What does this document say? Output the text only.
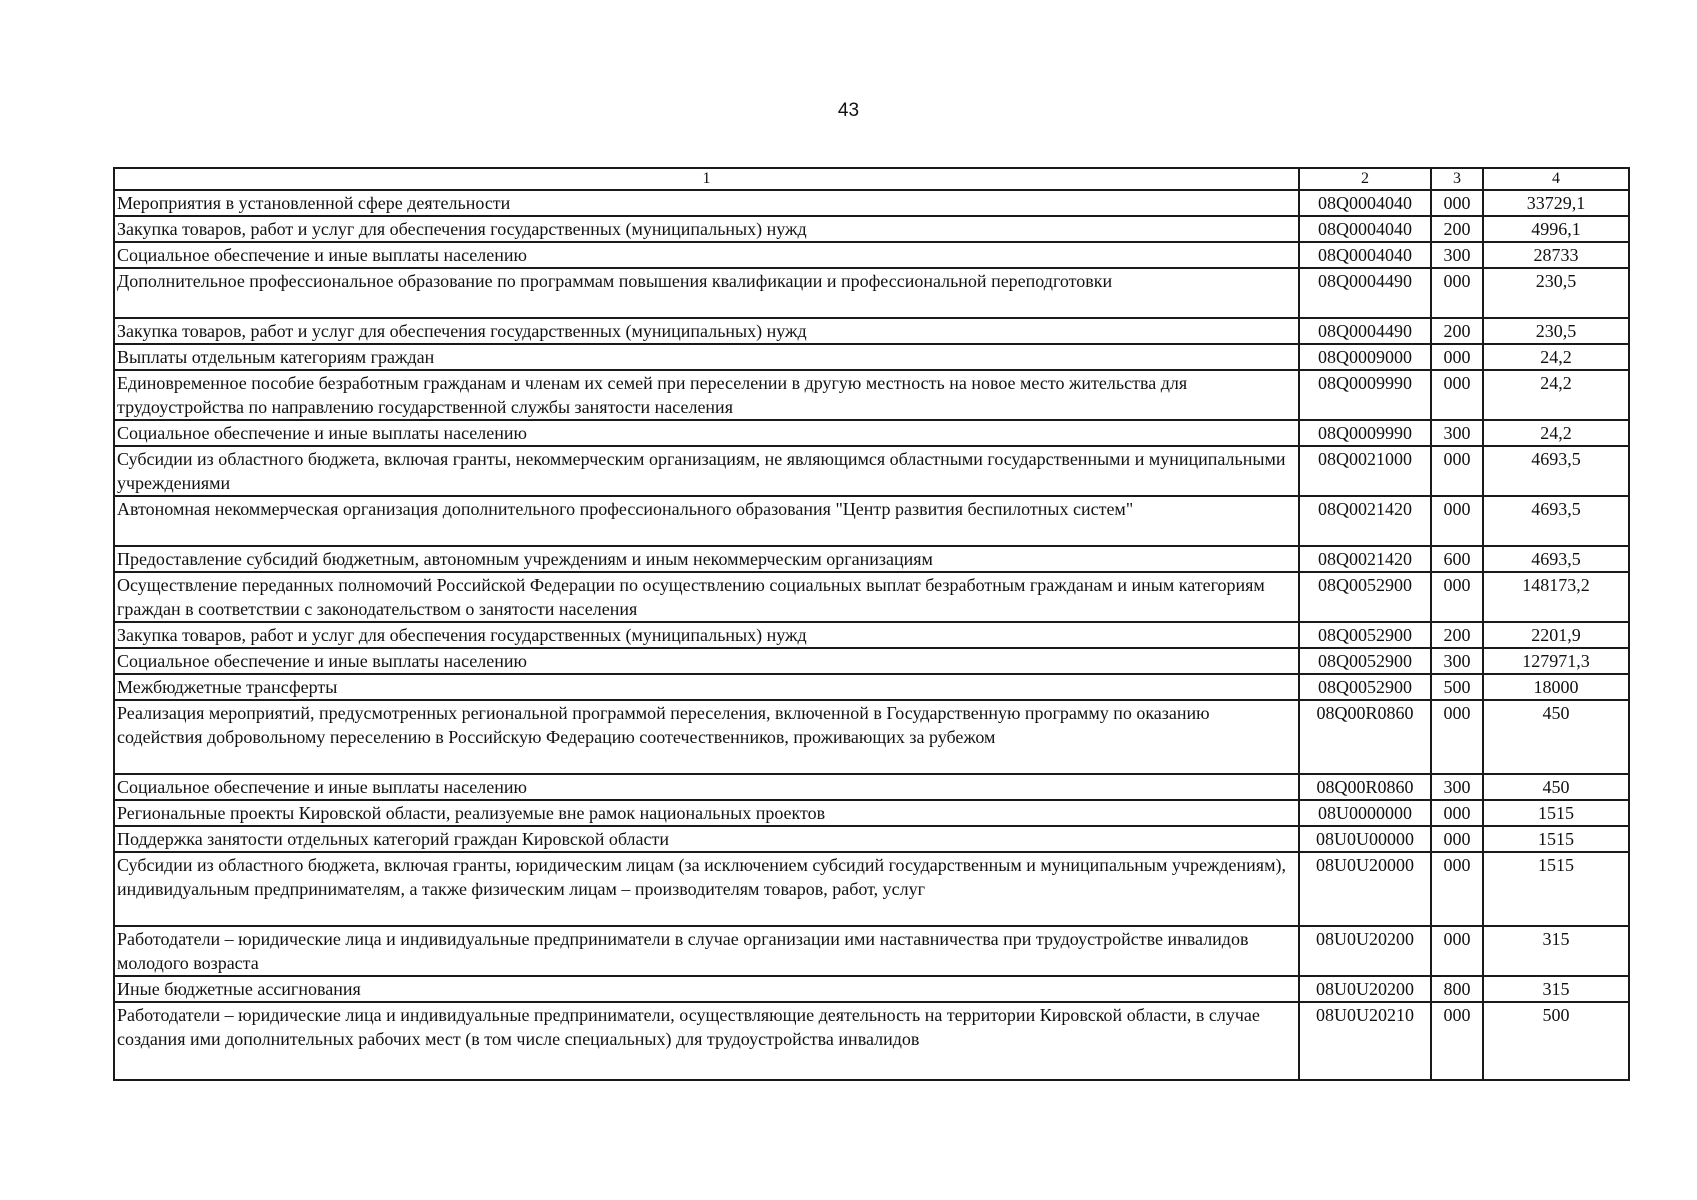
43
1	2	3	4
Мероприятия в установленной сфере деятельности	08Q0004040	000	33729,1
Закупка товаров, работ и услуг для обеспечения государственных (муниципальных) нужд	08Q0004040	200	4996,1
Социальное обеспечение и иные выплаты населению	08Q0004040	300	28733
Дополнительное профессиональное образование по программам повышения квалификации и профессиональной переподготовки	08Q0004490	000	230,5
Закупка товаров, работ и услуг для обеспечения государственных (муниципальных) нужд	08Q0004490	200	230,5
Выплаты отдельным категориям граждан	08Q0009000	000	24,2
Единовременное пособие безработным гражданам и членам их семей при переселении в другую местность на новое место жительства для трудоустройства по направлению государственной службы занятости населения	08Q0009990	000	24,2
Социальное обеспечение и иные выплаты населению	08Q0009990	300	24,2
Субсидии из областного бюджета, включая гранты, некоммерческим организациям, не являющимся областными государственными и муниципальными учреждениями	08Q0021000	000	4693,5
Автономная некоммерческая организация дополнительного профессионального образования "Центр развития беспилотных систем"	08Q0021420	000	4693,5
Предоставление субсидий бюджетным, автономным учреждениям и иным некоммерческим организациям	08Q0021420	600	4693,5
Осуществление переданных полномочий Российской Федерации по осуществлению социальных выплат безработным гражданам и иным категориям граждан в соответствии с законодательством о занятости населения	08Q0052900	000	148173,2
Закупка товаров, работ и услуг для обеспечения государственных (муниципальных) нужд	08Q0052900	200	2201,9
Социальное обеспечение и иные выплаты населению	08Q0052900	300	127971,3
Межбюджетные трансферты	08Q0052900	500	18000
Реализация мероприятий, предусмотренных региональной программой переселения, включенной в Государственную программу по оказанию содействия добровольному переселению в Российскую Федерацию соотечественников, проживающих за рубежом	08Q00R0860	000	450
Социальное обеспечение и иные выплаты населению	08Q00R0860	300	450
Региональные проекты Кировской области, реализуемые вне рамок национальных проектов	08U0000000	000	1515
Поддержка занятости отдельных категорий граждан Кировской области	08U0U00000	000	1515
Субсидии из областного бюджета, включая гранты, юридическим лицам (за исключением субсидий государственным и муниципальным учреждениям), индивидуальным предпринимателям, а также физическим лицам – производителям товаров, работ, услуг	08U0U20000	000	1515
Работодатели – юридические лица и индивидуальные предприниматели в случае организации ими наставничества при трудоустройстве инвалидов молодого возраста	08U0U20200	000	315
Иные бюджетные ассигнования	08U0U20200	800	315
Работодатели – юридические лица и индивидуальные предприниматели, осуществляющие деятельность на территории Кировской области, в случае создания ими дополнительных рабочих мест (в том числе специальных) для трудоустройства инвалидов	08U0U20210	000	500
